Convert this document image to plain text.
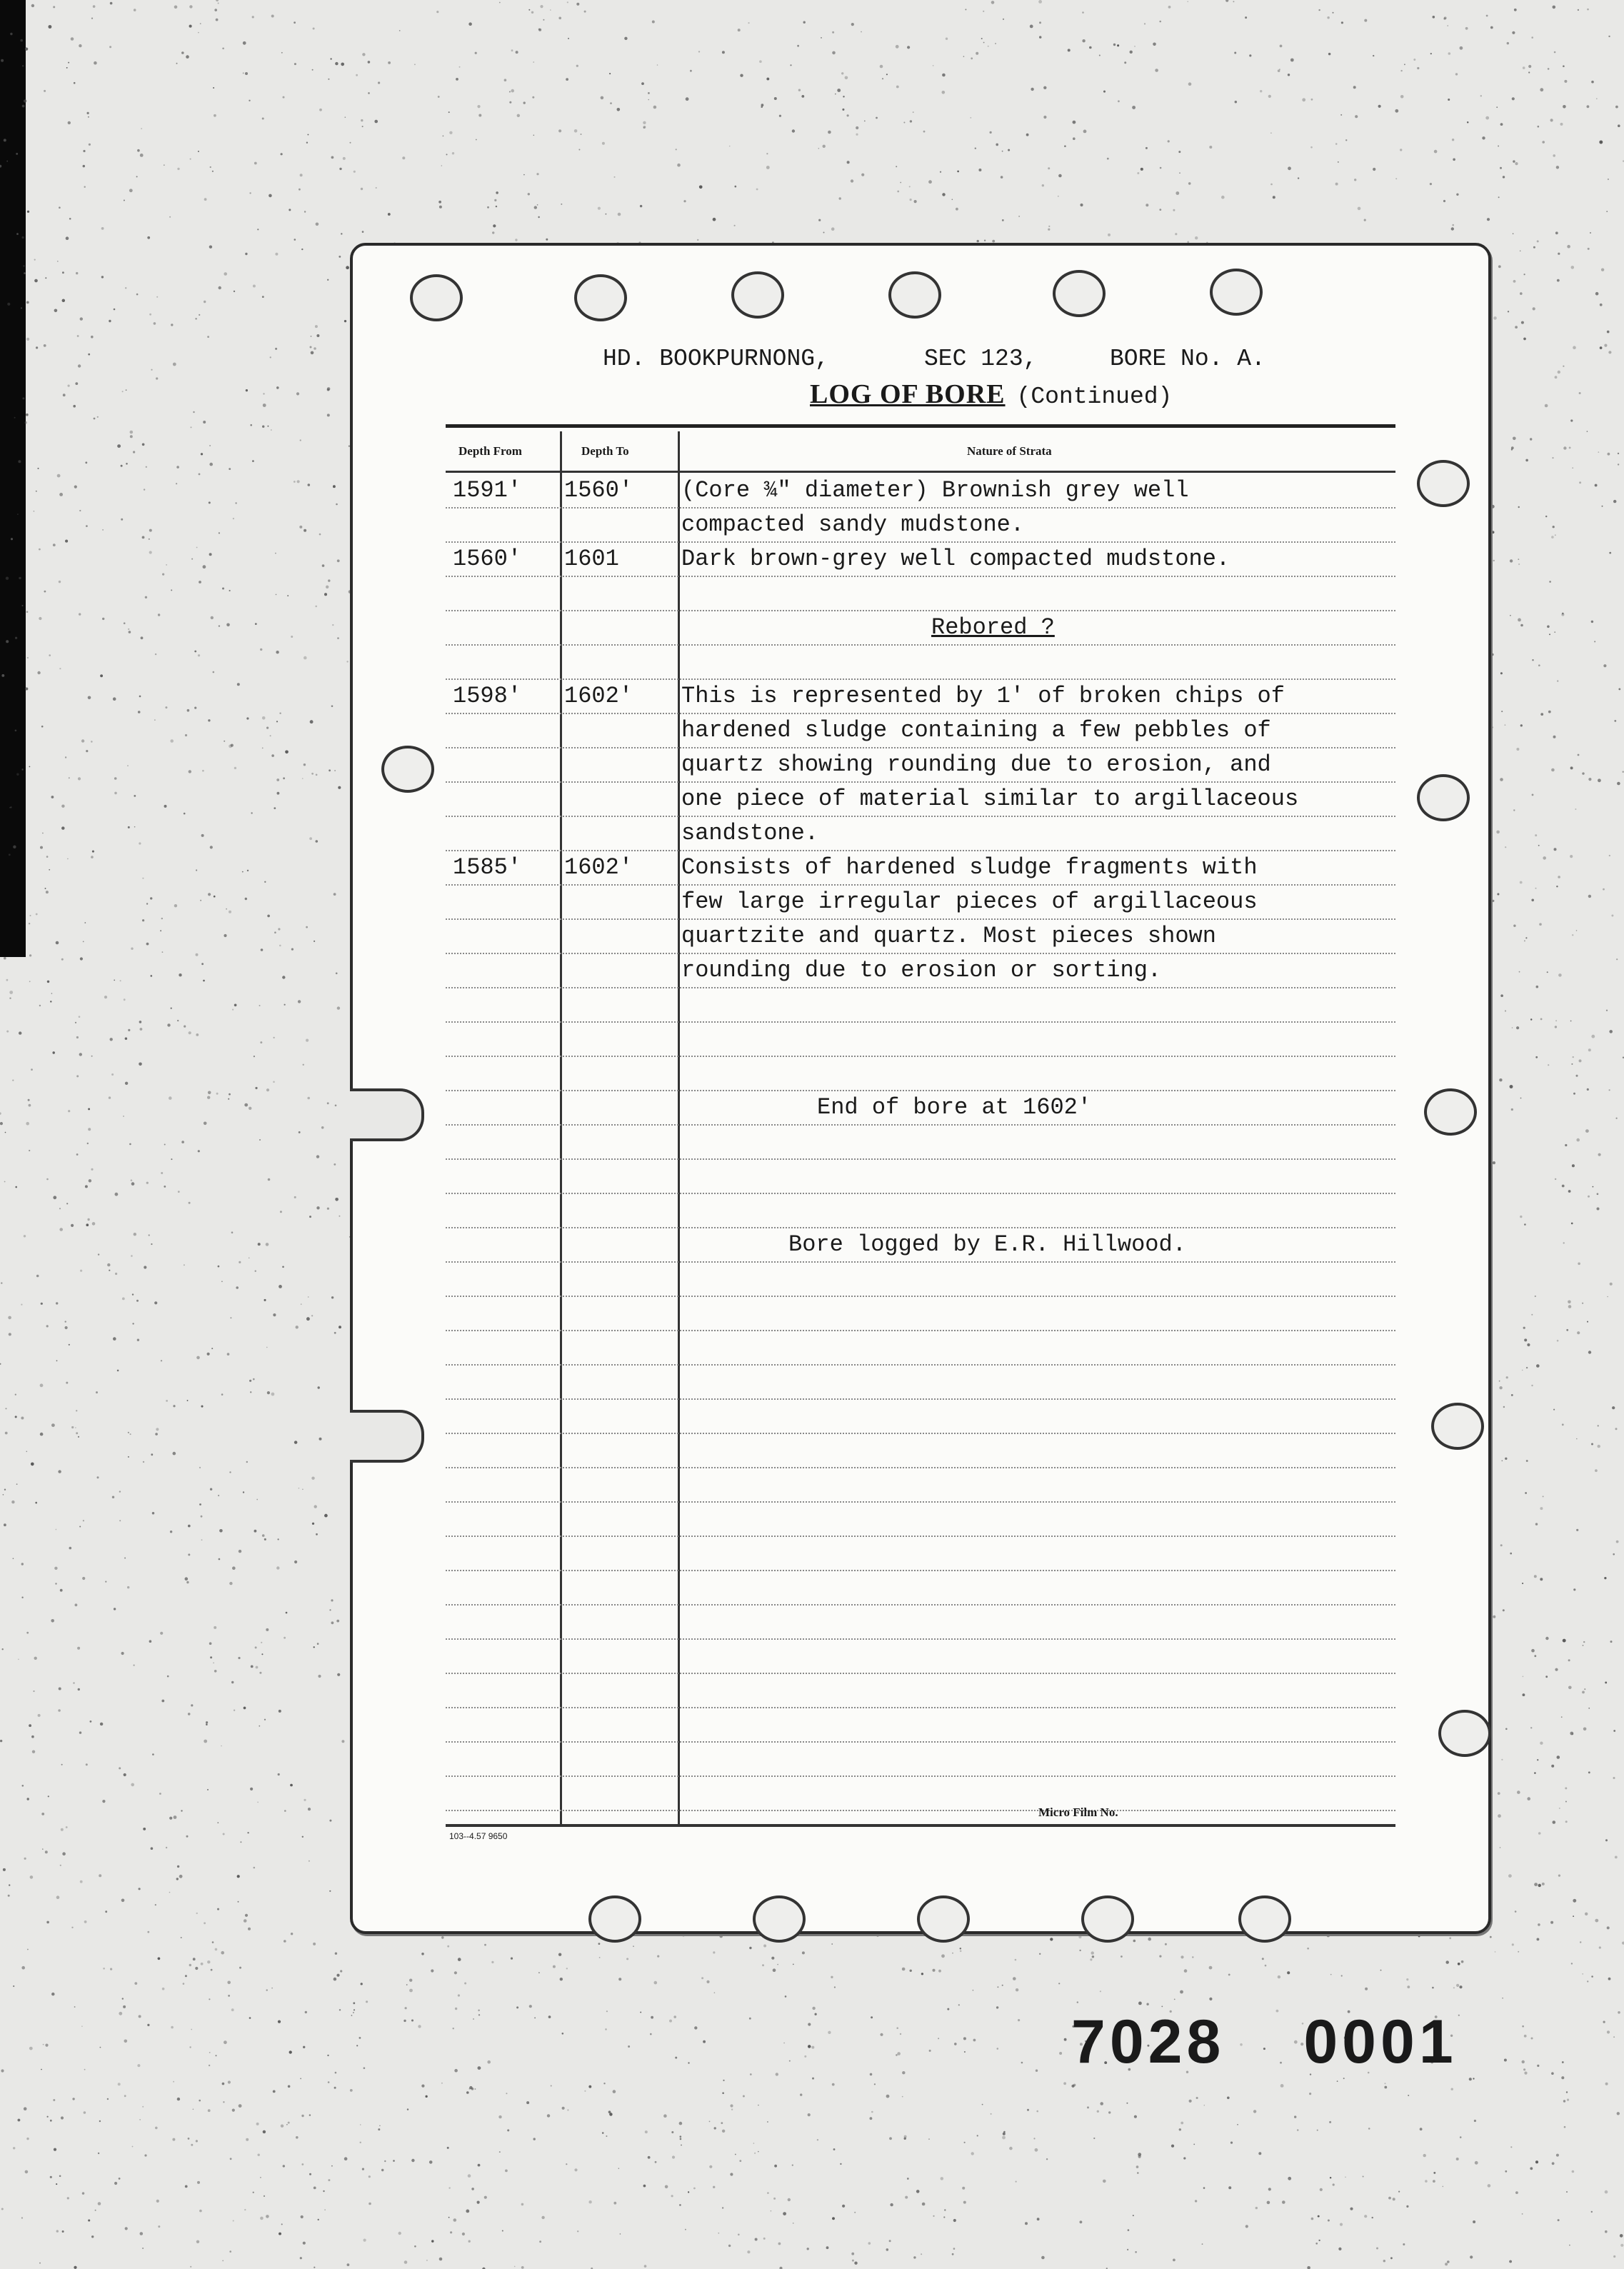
HD. BOOKPURNONG,	SEC 123,	BORE No. A.
LOG OF BORE (Continued)
Depth From	Depth To	Nature of Strata
1591' 1560' (Core ¾" diameter) Brownish grey well
compacted sandy mudstone.
1560' 1601	Dark brown-grey well compacted mudstone.
Rebored ?
1598' 1602' This is represented by 1' of broken chips of
hardened sludge containing a few pebbles of
quartz showing rounding due to erosion, and
one piece of material similar to argillaceous
sandstone.
1585' 1602' Consists of hardened sludge fragments with
few large irregular pieces of argillaceous
quartzite and quartz. Most pieces shown
rounding due to erosion or sorting.
End of bore at 1602'
Bore logged by E.R. Hillwood.
Micro Film No.
103--4.57 9650
7028 0001
